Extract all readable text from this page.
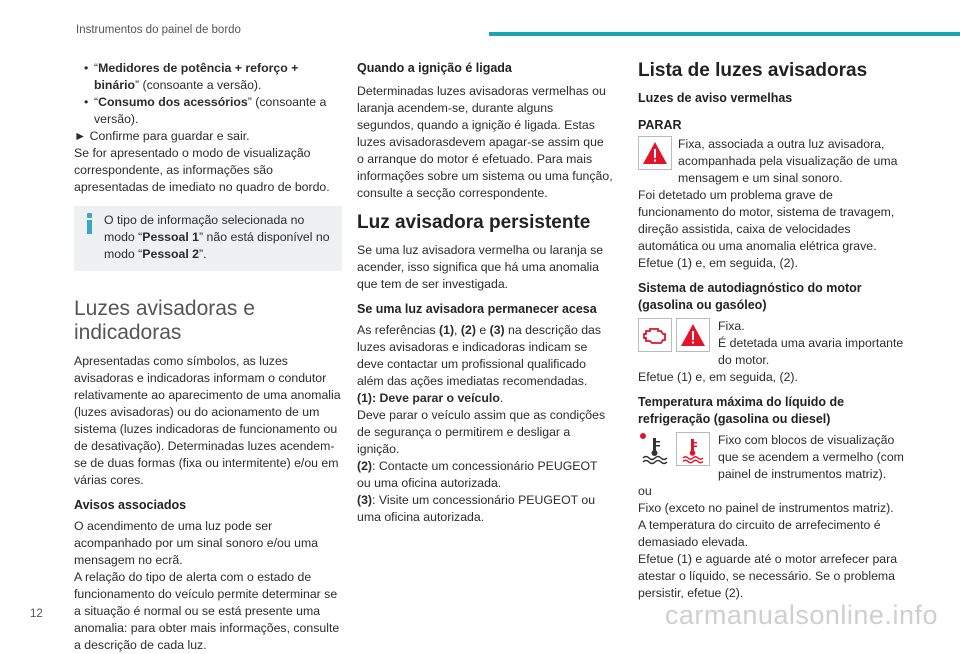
Instrumentos do painel de bordo

• “Medidores de potência + reforço + binário” (consoante a versão).

• “Consumo dos acessórios” (consoante a versão).

► Confirme para guardar e sair.

Se for apresentado o modo de visualização correspondente, as informações são apresentadas de imediato no quadro de bordo.

O tipo de informação selecionada no modo “Pessoal 1” não está disponível no modo “Pessoal 2”.
Luzes avisadoras e indicadoras

Apresentadas como símbolos, as luzes avisadoras e indicadoras informam o condutor relativamente ao aparecimento de uma anomalia (luzes avisadoras) ou do acionamento de um sistema (luzes indicadoras de funcionamento ou de desativação). Determinadas luzes acendem-se de duas formas (fixa ou intermitente) e/ou em várias cores.

Avisos associados

O acendimento de uma luz pode ser acompanhado por um sinal sonoro e/ou uma mensagem no ecrã.

A relação do tipo de alerta com o estado de funcionamento do veículo permite determinar se a situação é normal ou se está presente uma anomalia: para obter mais informações, consulte a descrição de cada luz.

Quando a ignição é ligada

Determinadas luzes avisadoras vermelhas ou laranja acendem-se, durante alguns segundos, quando a ignição é ligada. Estas luzes avisadorasdevem apagar-se assim que o arranque do motor é efetuado. Para mais informações sobre um sistema ou uma função, consulte a secção correspondente.

Luz avisadora persistente

Se uma luz avisadora vermelha ou laranja se acender, isso significa que há uma anomalia que tem de ser investigada.

Se uma luz avisadora permanecer acesa

As referências (1), (2) e (3) na descrição das luzes avisadoras e indicadoras indicam se deve contactar um profissional qualificado além das ações imediatas recomendadas.

(1): Deve parar o veículo.

Deve parar o veículo assim que as condições de segurança o permitirem e desligar a ignição.

(2): Contacte um concessionário PEUGEOT ou uma oficina autorizada.

(3): Visite um concessionário PEUGEOT ou uma oficina autorizada.

Lista de luzes avisadoras
Luzes de aviso vermelhas
PARAR
Fixa, associada a outra luz avisadora, acompanhada pela visualização de uma mensagem e um sinal sonoro.

Foi detetado um problema grave de funcionamento do motor, sistema de travagem, direção assistida, caixa de velocidades automática ou uma anomalia elétrica grave.

Efetue (1) e, em seguida, (2).

Sistema de autodiagnóstico do motor (gasolina ou gasóleo)
Fixa.
É detetada uma avaria importante do motor.

Efetue (1) e, em seguida, (2).

Temperatura máxima do líquido de refrigeração (gasolina ou diesel)
Fixo com blocos de visualização que se acendem a vermelho (com painel de instrumentos matriz).

ou

Fixo (exceto no painel de instrumentos matriz).

A temperatura do circuito de arrefecimento é demasiado elevada.

Efetue (1) e aguarde até o motor arrefecer para atestar o líquido, se necessário. Se o problema persistir, efetue (2).

12	carmanualsonline.info
